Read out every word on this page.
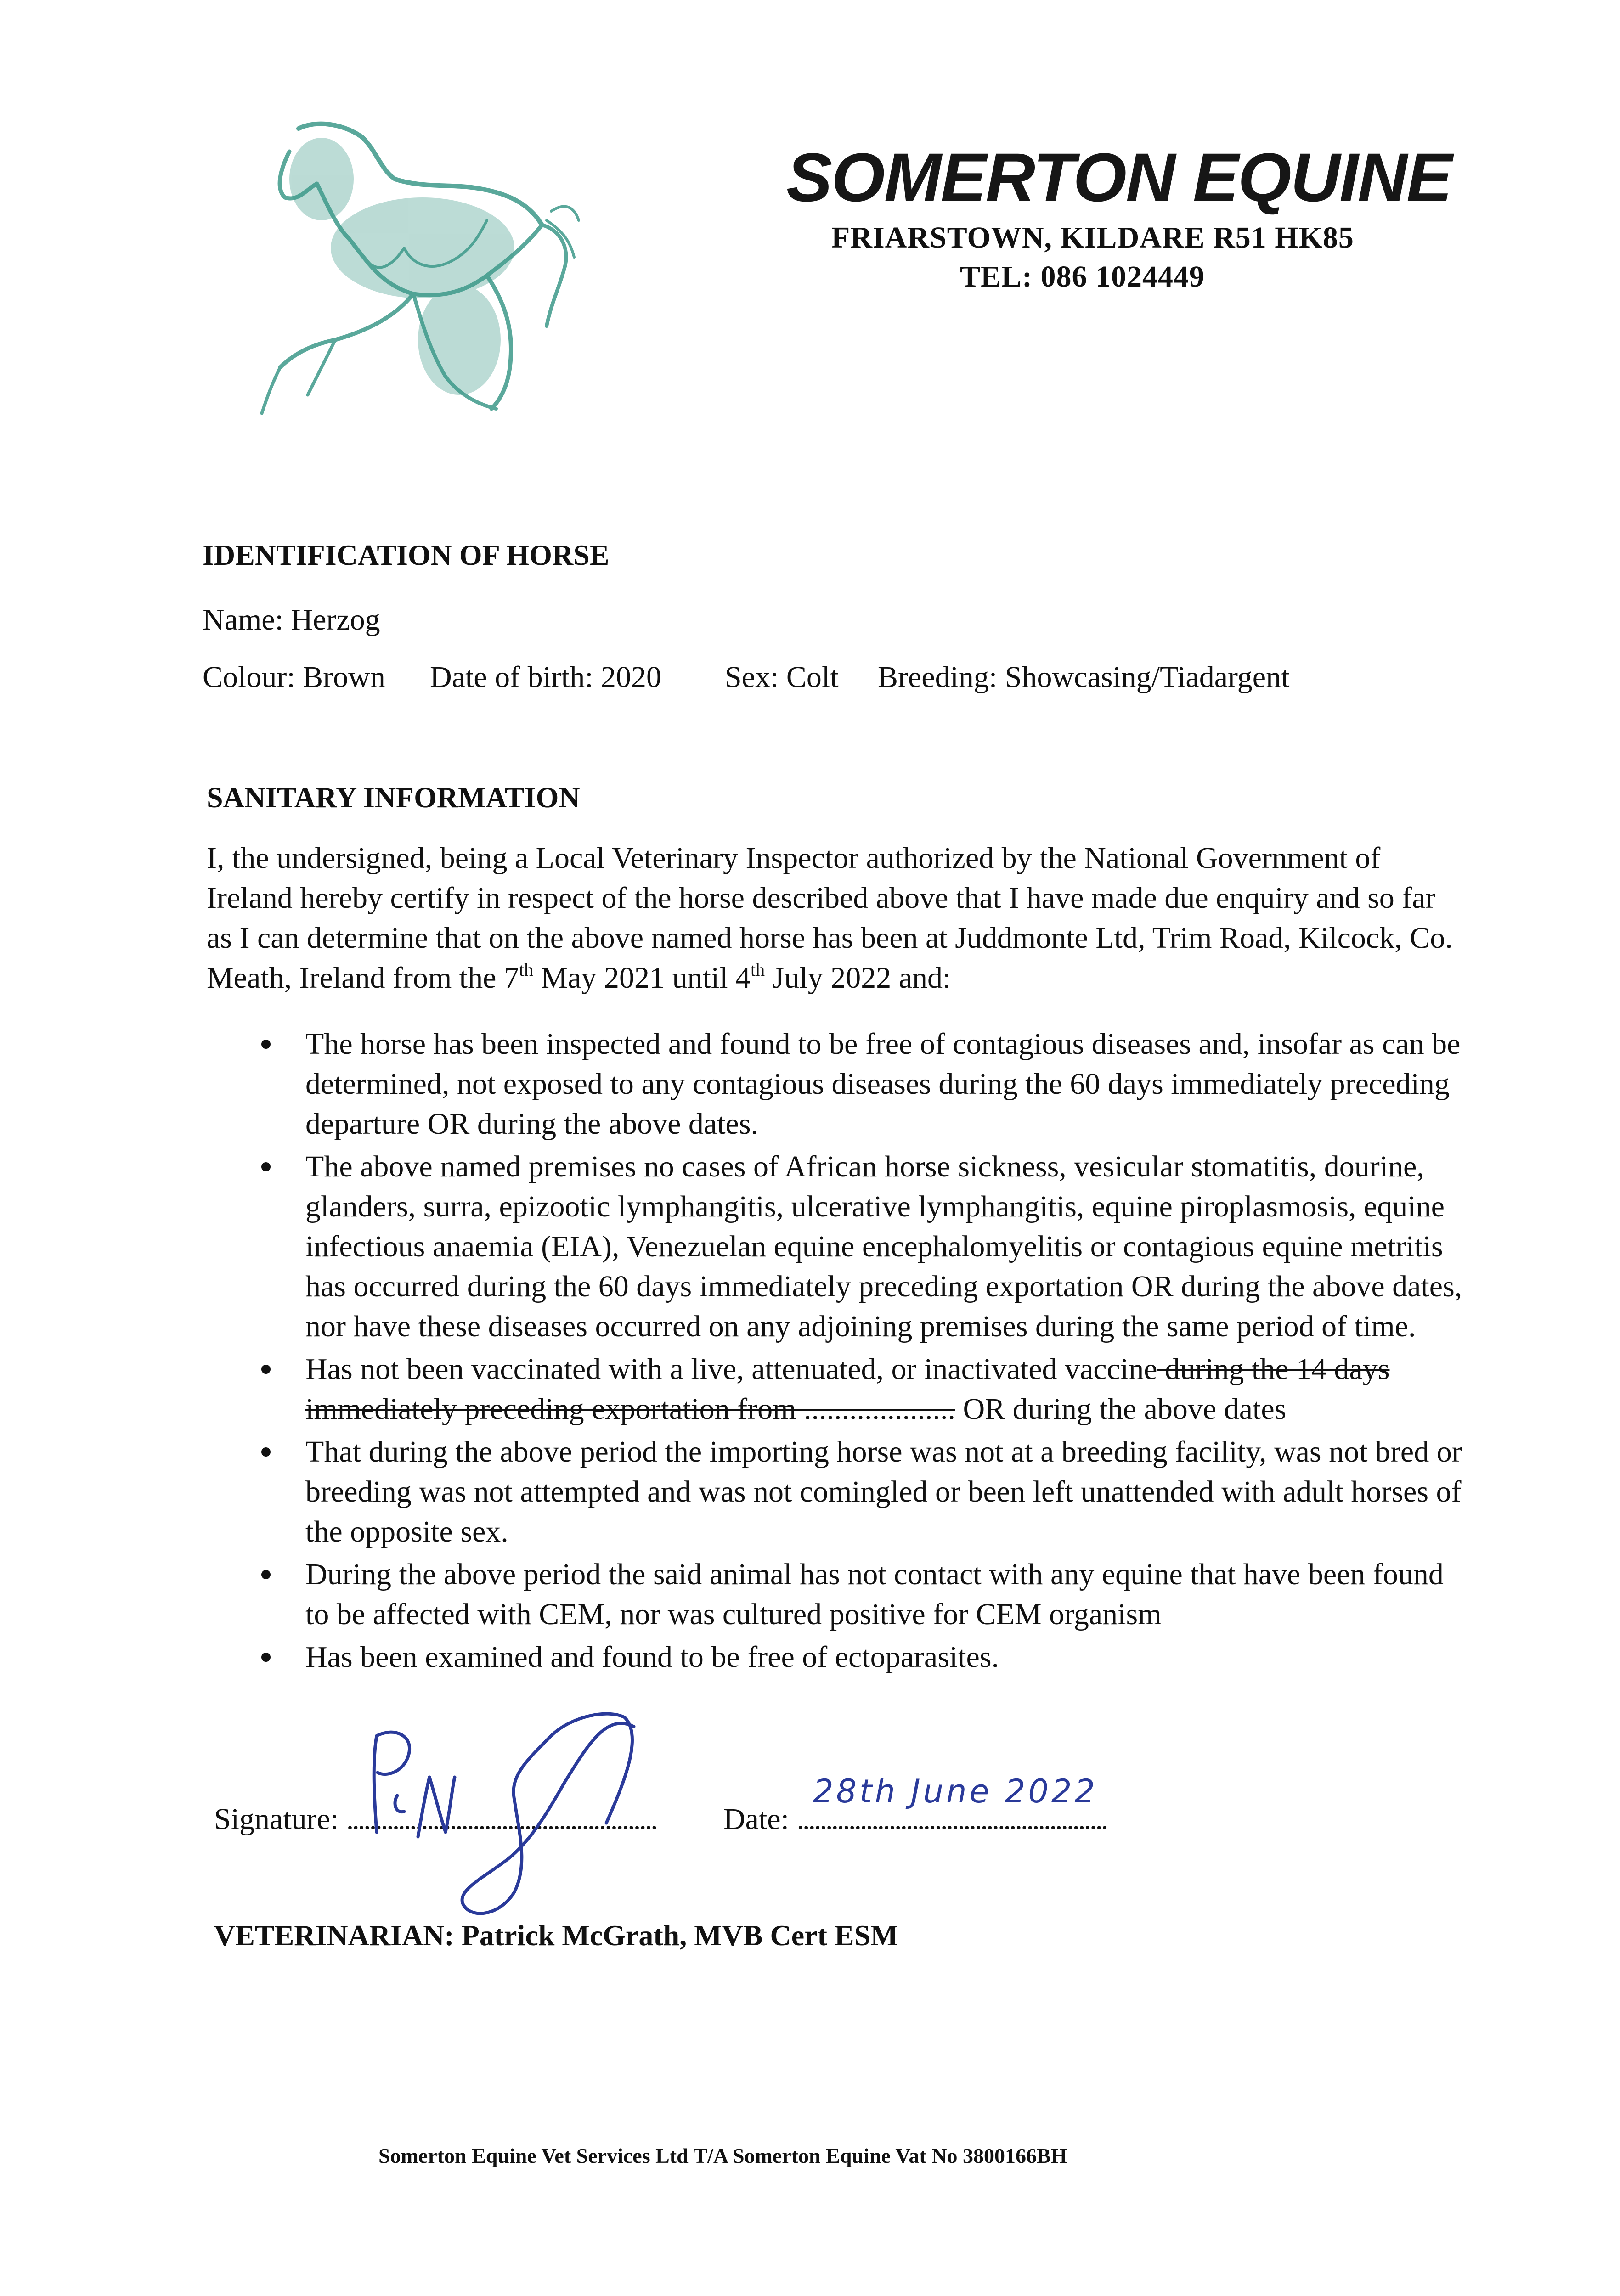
SOMERTON EQUINE
FRIARSTOWN, KILDARE R51 HK85
TEL: 086 1024449
IDENTIFICATION OF HORSE
Name: Herzog
Colour: Brown Date of birth: 2020 Sex: Colt Breeding: Showcasing/Tiadargent
SANITARY INFORMATION
I, the undersigned, being a Local Veterinary Inspector authorized by the National Government of Ireland hereby certify in respect of the horse described above that I have made due enquiry and so far as I can determine that on the above named horse has been at Juddmonte Ltd, Trim Road, Kilcock, Co. Meath, Ireland from the 7th May 2021 until 4th July 2022 and:
The horse has been inspected and found to be free of contagious diseases and, insofar as can be determined, not exposed to any contagious diseases during the 60 days immediately preceding departure OR during the above dates.
The above named premises no cases of African horse sickness, vesicular stomatitis, dourine, glanders, surra, epizootic lymphangitis, ulcerative lymphangitis, equine piroplasmosis, equine infectious anaemia (EIA), Venezuelan equine encephalomyelitis or contagious equine metritis has occurred during the 60 days immediately preceding exportation OR during the above dates, nor have these diseases occurred on any adjoining premises during the same period of time.
Has not been vaccinated with a live, attenuated, or inactivated vaccine during the 14 days immediately preceding exportation from .................... OR during the above dates
That during the above period the importing horse was not at a breeding facility, was not bred or breeding was not attempted and was not comingled or been left unattended with adult horses of the opposite sex.
During the above period the said animal has not contact with any equine that have been found to be affected with CEM, nor was cultured positive for CEM organism
Has been examined and found to be free of ectoparasites.
Signature: ...................................................... Date: ......................................................
28th June 2022
VETERINARIAN: Patrick McGrath, MVB Cert ESM
Somerton Equine Vet Services Ltd T/A Somerton Equine Vat No 3800166BH
